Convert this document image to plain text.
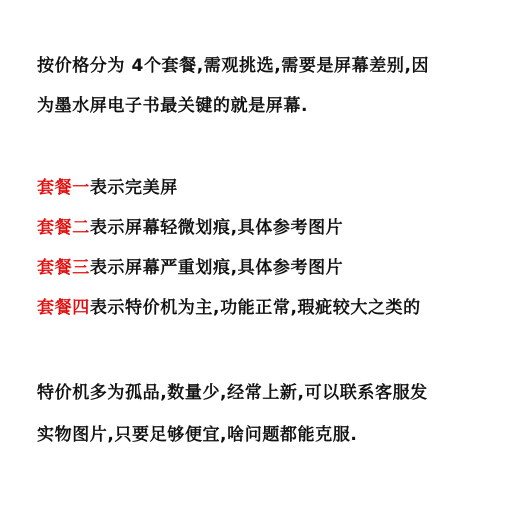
按价格分为 4个套餐,需观挑选,需要是屏幕差别,因
为墨水屏电子书最关键的就是屏幕.
套餐一表示完美屏
套餐二表示屏幕轻微划痕,具体参考图片
套餐三表示屏幕严重划痕,具体参考图片
套餐四表示特价机为主,功能正常,瑕疵较大之类的
特价机多为孤品,数量少,经常上新,可以联系客服发
实物图片,只要足够便宜,啥问题都能克服.
